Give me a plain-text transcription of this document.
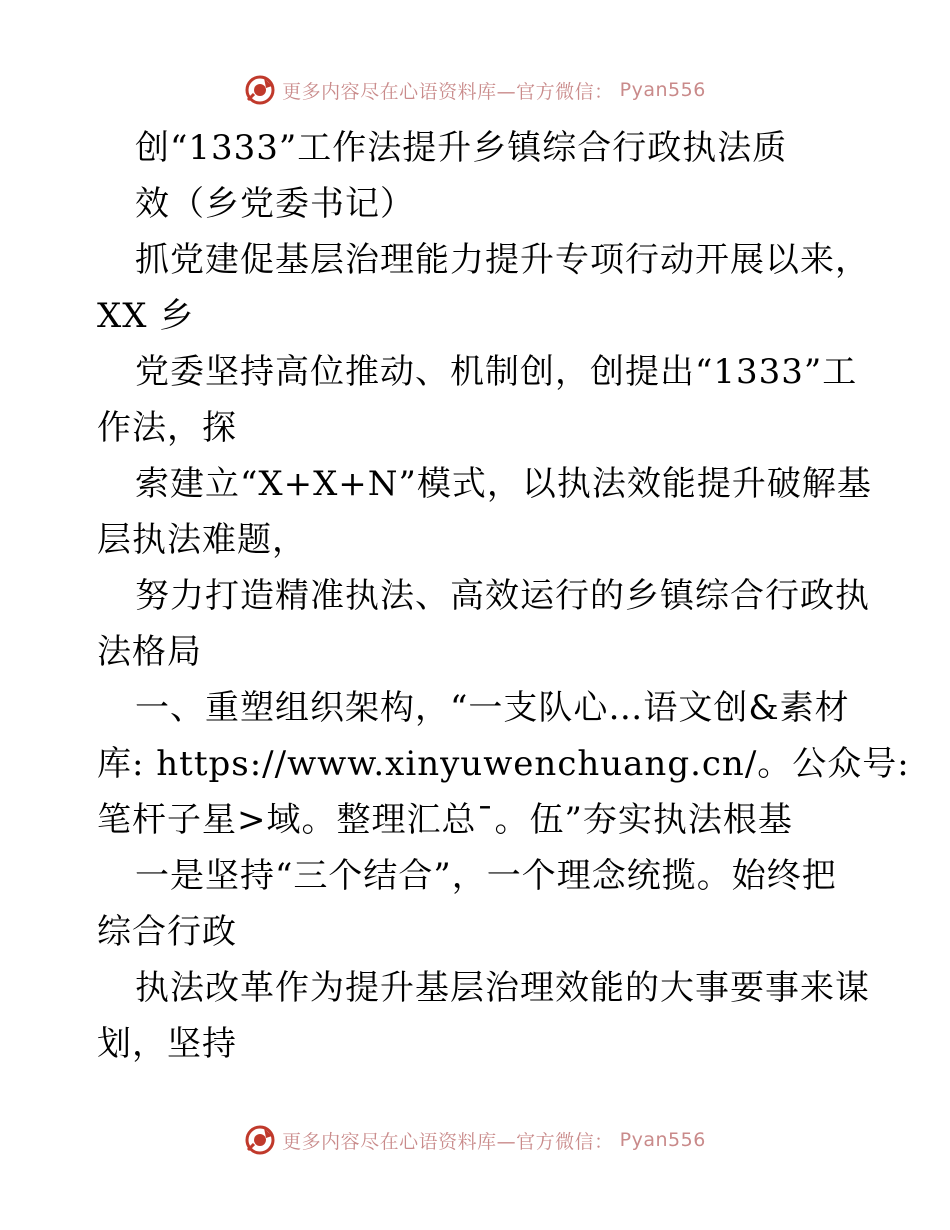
更多内容尽在心语资料库—官方微信： Pyan556
创“1333”工作法提升乡镇综合行政执法质
效（乡党委书记）
抓党建促基层治理能力提升专项行动开展以来，
XX 乡
党委坚持高位推动、机制创，创提出“1333”工
作法，探
索建立“X+X+N”模式，以执法效能提升破解基
层执法难题，
努力打造精准执法、高效运行的乡镇综合行政执
法格局
一、重塑组织架构，“一支队心…语文创&素材
库: https://www.xinyuwenchuang.cn/。公众号:
笔杆子星>域。整理汇总¯。伍”夯实执法根基
一是坚持“三个结合”，一个理念统揽。始终把
综合行政
执法改革作为提升基层治理效能的大事要事来谋
划，坚持
更多内容尽在心语资料库—官方微信： Pyan556
